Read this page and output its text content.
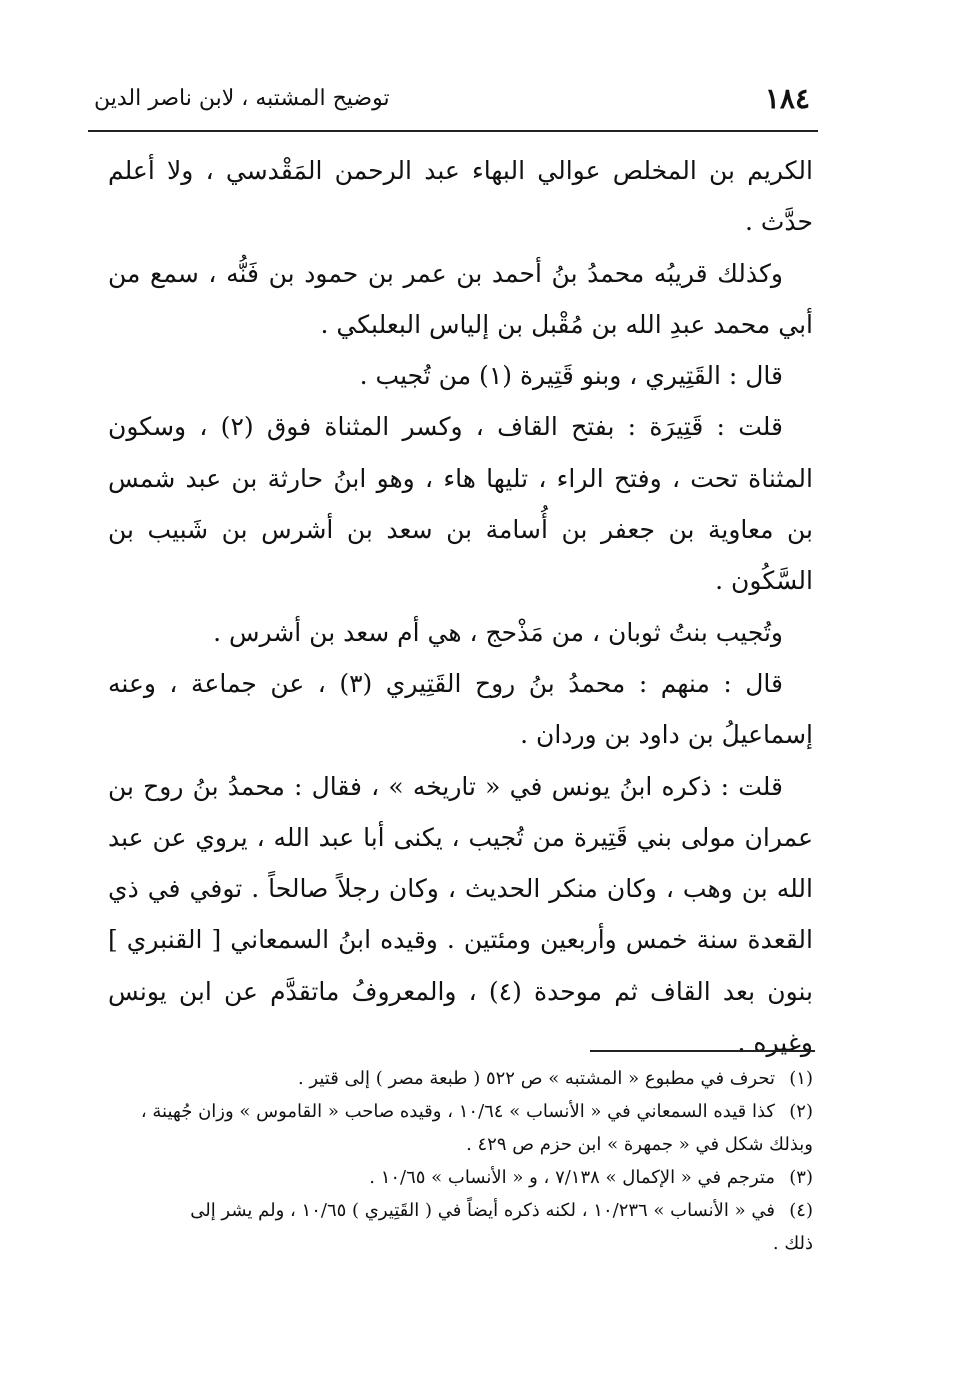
١٨٤
توضيح المشتبه ، لابن ناصر الدين

الكريم بن المخلص عوالي البهاء عبد الرحمن المَقْدسي ، ولا أعلم حدَّث .

وكذلك قريبُه محمدُ بنُ أحمد بن عمر بن حمود بن فَنُّه ، سمع من أبي محمد عبدِ الله بن مُقْبل بن إلياس البعلبكي .

قال : القَتِيري ، وبنو قَتِيرة (١) من تُجيب .

قلت : قَتِيرَة : بفتح القاف ، وكسر المثناة فوق (٢) ، وسكون المثناة تحت ، وفتح الراء ، تليها هاء ، وهو ابنُ حارثة بن عبد شمس بن معاوية بن جعفر بن أُسامة بن سعد بن أشرس بن شَبيب بن السَّكُون .

وتُجيب بنتُ ثوبان ، من مَذْحج ، هي أم سعد بن أشرس .

قال : منهم : محمدُ بنُ روح القَتِيري (٣) ، عن جماعة ، وعنه إسماعيلُ بن داود بن وردان .

قلت : ذكره ابنُ يونس في « تاريخه » ، فقال : محمدُ بنُ روح بن عمران مولى بني قَتِيرة من تُجيب ، يكنى أبا عبد الله ، يروي عن عبد الله بن وهب ، وكان منكر الحديث ، وكان رجلاً صالحاً . توفي في ذي القعدة سنة خمس وأربعين ومئتين . وقيده ابنُ السمعاني [ القنبري ] بنون بعد القاف ثم موحدة (٤) ، والمعروفُ ماتقدَّم عن ابن يونس وغيره .

(١)تحرف في مطبوع « المشتبه » ص ٥٢٢ ( طبعة مصر ) إلى قتير .

(٢)كذا قيده السمعاني في « الأنساب » ١٠/٦٤ ، وقيده صاحب « القاموس » وزان جُهينة ،
وبذلك شكل في « جمهرة » ابن حزم ص ٤٢٩ .

(٣)مترجم في « الإكمال » ٧/١٣٨ ، و « الأنساب » ١٠/٦٥ .

(٤)في « الأنساب » ١٠/٢٣٦ ، لكنه ذكره أيضاً في ( القَتِيري ) ١٠/٦٥ ، ولم يشر إلى
ذلك .
